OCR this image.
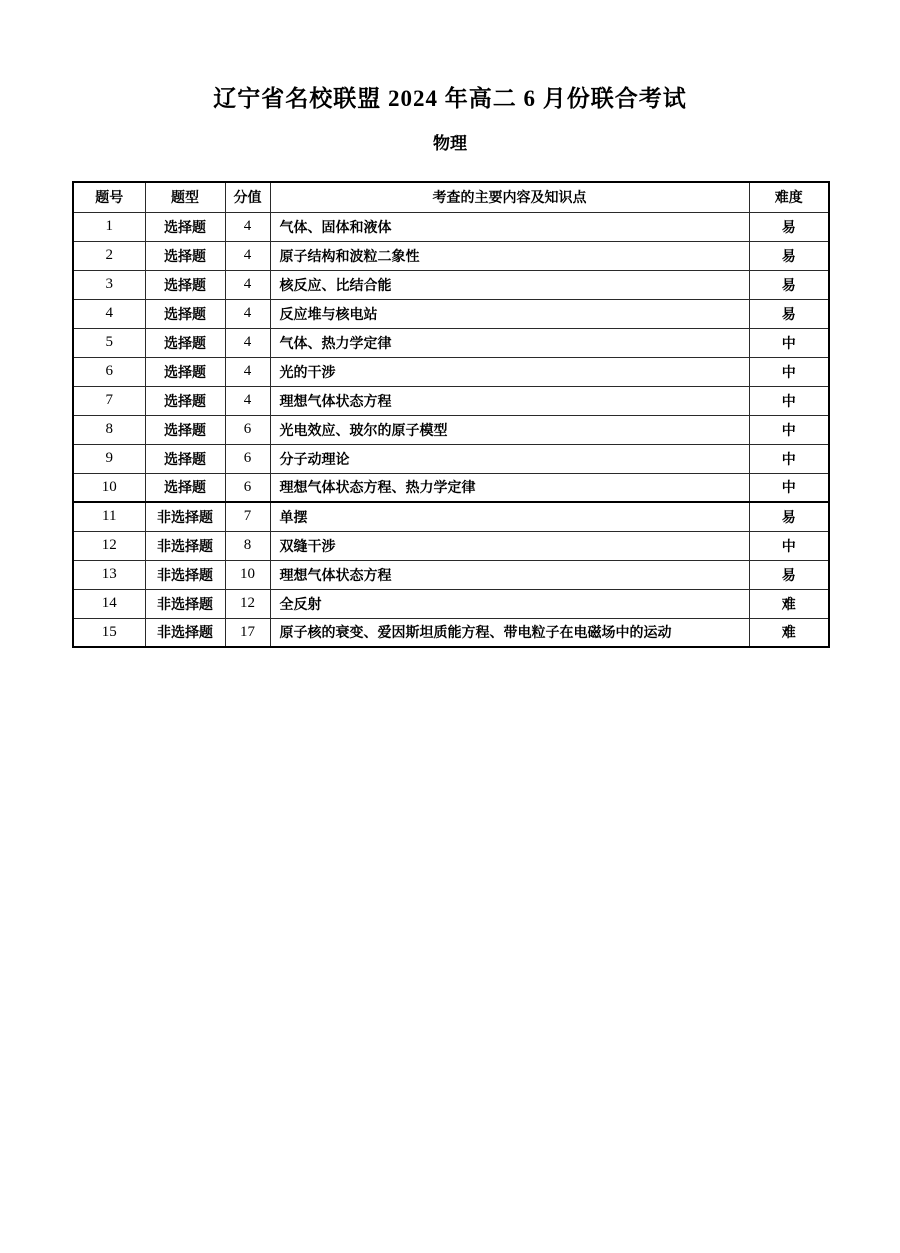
辽宁省名校联盟 2024 年高二 6 月份联合考试
物理
题号	题型	分值	考查的主要内容及知识点	难度
1	选择题	4	气体、固体和液体	易
2	选择题	4	原子结构和波粒二象性	易
3	选择题	4	核反应、比结合能	易
4	选择题	4	反应堆与核电站	易
5	选择题	4	气体、热力学定律	中
6	选择题	4	光的干涉	中
7	选择题	4	理想气体状态方程	中
8	选择题	6	光电效应、玻尔的原子模型	中
9	选择题	6	分子动理论	中
10	选择题	6	理想气体状态方程、热力学定律	中
11	非选择题	7	单摆	易
12	非选择题	8	双缝干涉	中
13	非选择题	10	理想气体状态方程	易
14	非选择题	12	全反射	难
15	非选择题	17	原子核的衰变、爱因斯坦质能方程、带电粒子在电磁场中的运动	难
